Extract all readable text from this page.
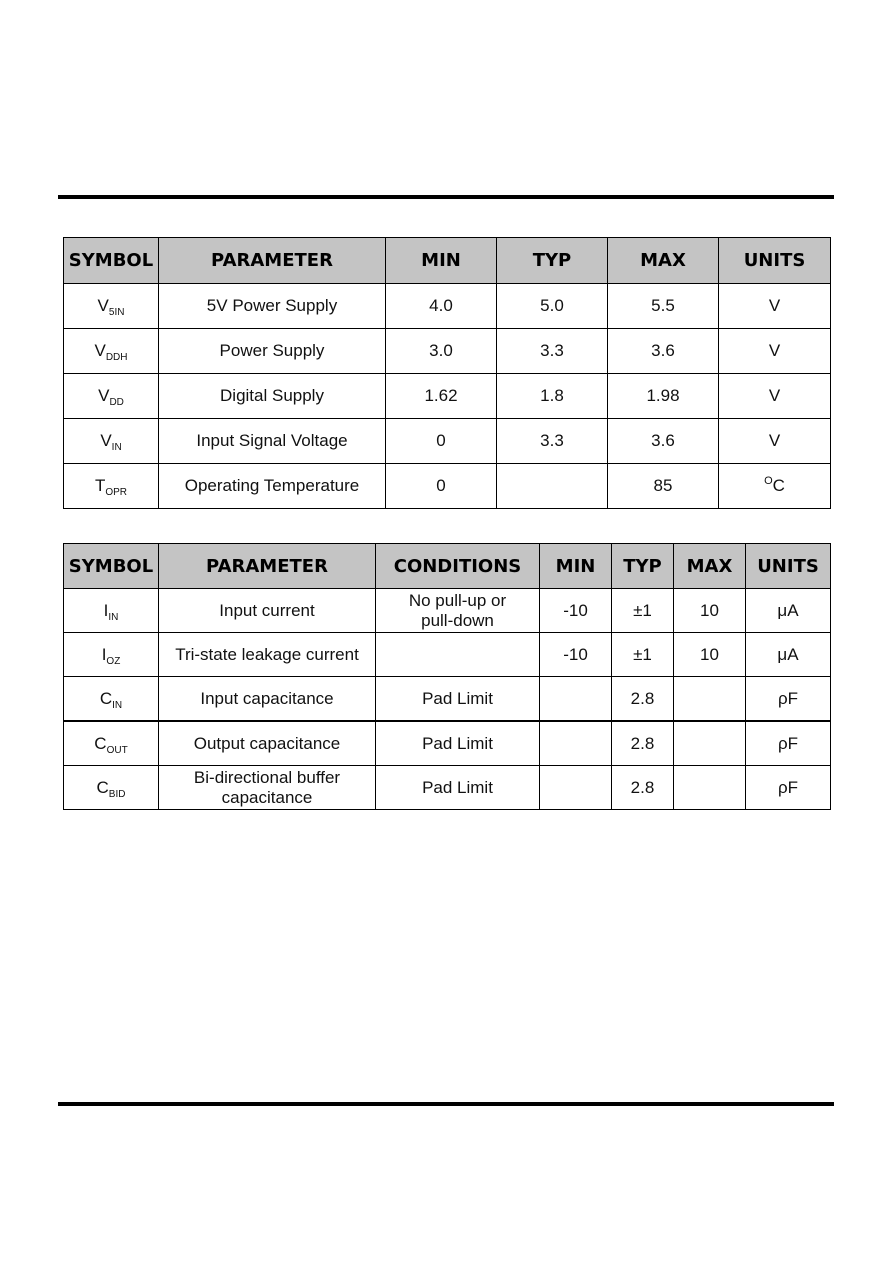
SYMBOL	PARAMETER	MIN	TYP	MAX	UNITS
$V_{5IN}$	5V Power Supply	4.0	5.0	5.5	V
$V_{DDH}$	Power Supply	3.0	3.3	3.6	V
$V_{DD}$	Digital Supply	1.62	1.8	1.98	V
$V_{IN}$	Input Signal Voltage	0	3.3	3.6	V
$T_{OPR}$	Operating Temperature	0		85	$^O$C
SYMBOL	PARAMETER	CONDITIONS	MIN	TYP	MAX	UNITS
$I_{IN}$	Input current	No pull-up or pull-down	-10	±1	10	μA
$I_{OZ}$	Tri-state leakage current		-10	±1	10	μA
$C_{IN}$	Input capacitance	Pad Limit		2.8		ρF
$C_{OUT}$	Output capacitance	Pad Limit		2.8		ρF
$C_{BID}$	Bi-directional buffer capacitance	Pad Limit		2.8		ρF
